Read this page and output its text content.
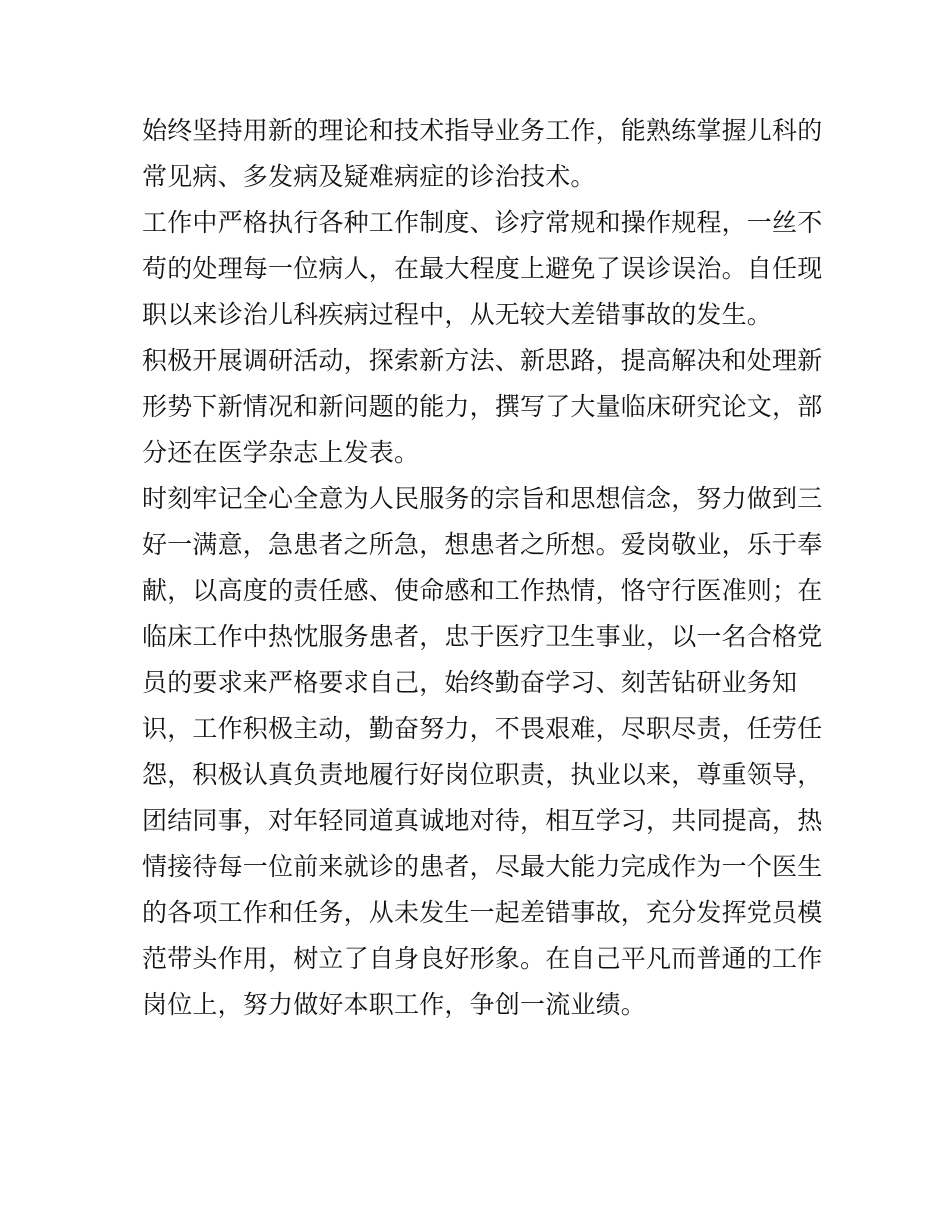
始终坚持用新的理论和技术指导业务工作，能熟练掌握儿科的
常见病、多发病及疑难病症的诊治技术。
工作中严格执行各种工作制度、诊疗常规和操作规程，一丝不
苟的处理每一位病人，在最大程度上避免了误诊误治。自任现
职以来诊治儿科疾病过程中，从无较大差错事故的发生。
积极开展调研活动，探索新方法、新思路，提高解决和处理新
形势下新情况和新问题的能力，撰写了大量临床研究论文，部
分还在医学杂志上发表。
时刻牢记全心全意为人民服务的宗旨和思想信念，努力做到三
好一满意，急患者之所急，想患者之所想。爱岗敬业，乐于奉
献，以高度的责任感、使命感和工作热情，恪守行医准则；在
临床工作中热忱服务患者，忠于医疗卫生事业，以一名合格党
员的要求来严格要求自己，始终勤奋学习、刻苦钻研业务知
识，工作积极主动，勤奋努力，不畏艰难，尽职尽责，任劳任
怨，积极认真负责地履行好岗位职责，执业以来，尊重领导，
团结同事，对年轻同道真诚地对待，相互学习，共同提高，热
情接待每一位前来就诊的患者，尽最大能力完成作为一个医生
的各项工作和任务，从未发生一起差错事故，充分发挥党员模
范带头作用，树立了自身良好形象。在自己平凡而普通的工作
岗位上，努力做好本职工作，争创一流业绩。
